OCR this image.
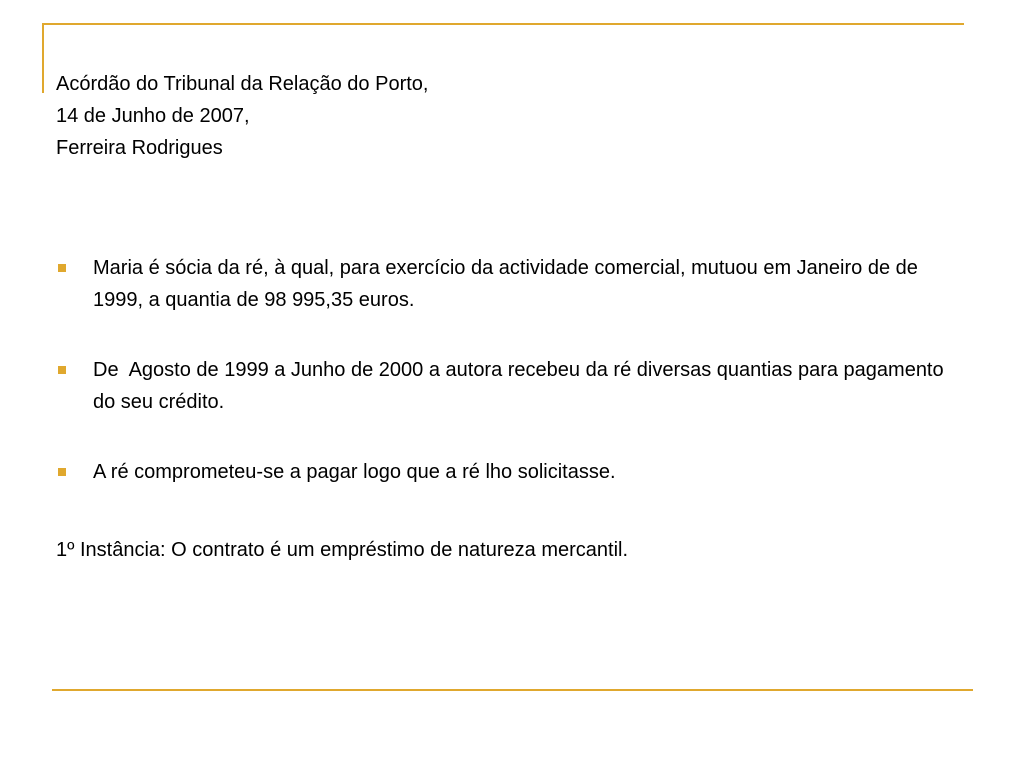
Acórdão do Tribunal da Relação do Porto,
14 de Junho de 2007,
Ferreira Rodrigues
Maria é sócia da ré, à qual, para exercício da actividade comercial, mutuou em Janeiro de de 1999, a quantia de 98 995,35 euros.
De  Agosto de 1999 a Junho de 2000 a autora recebeu da ré diversas quantias para pagamento do seu crédito.
A ré comprometeu-se a pagar logo que a ré lho solicitasse.
1º Instância: O contrato é um empréstimo de natureza mercantil.
